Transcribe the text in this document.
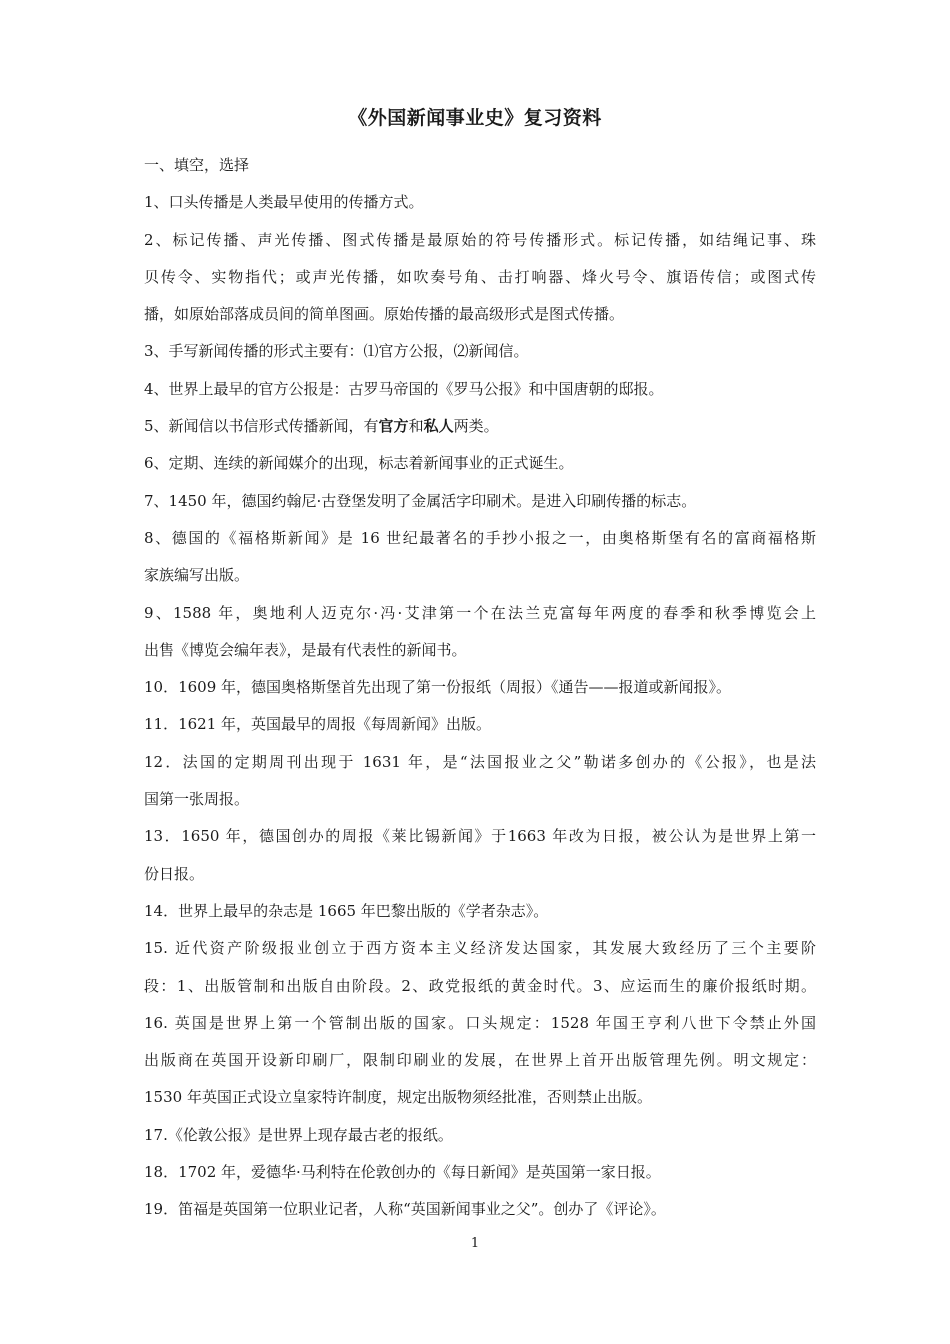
《外国新闻事业史》复习资料
一、填空，选择
1、口头传播是人类最早使用的传播方式。
2、标记传播、声光传播、图式传播是最原始的符号传播形式。标记传播，如结绳记事、珠
贝传令、实物指代；或声光传播，如吹奏号角、击打响器、烽火号令、旗语传信；或图式传
播，如原始部落成员间的简单图画。原始传播的最高级形式是图式传播。
3、手写新闻传播的形式主要有：⑴官方公报，⑵新闻信。
4、世界上最早的官方公报是：古罗马帝国的《罗马公报》和中国唐朝的邸报。
5、新闻信以书信形式传播新闻，有官方和私人两类。
6、定期、连续的新闻媒介的出现，标志着新闻事业的正式诞生。
7、1450 年，德国约翰尼·古登堡发明了金属活字印刷术。是进入印刷传播的标志。
8、德国的《福格斯新闻》是 16 世纪最著名的手抄小报之一，由奥格斯堡有名的富商福格斯
家族编写出版。
9、1588 年，奥地利人迈克尔·冯·艾津第一个在法兰克富每年两度的春季和秋季博览会上
出售《博览会编年表》，是最有代表性的新闻书。
10．1609 年，德国奥格斯堡首先出现了第一份报纸（周报）《通告——报道或新闻报》。
11．1621 年，英国最早的周报《每周新闻》出版。
12．法国的定期周刊出现于 1631 年，是“法国报业之父”勒诺多创办的《公报》，也是法
国第一张周报。
13．1650 年，德国创办的周报《莱比锡新闻》于1663 年改为日报，被公认为是世界上第一
份日报。
14．世界上最早的杂志是 1665 年巴黎出版的《学者杂志》。
15. 近代资产阶级报业创立于西方资本主义经济发达国家，其发展大致经历了三个主要阶
段：1、出版管制和出版自由阶段。2、政党报纸的黄金时代。3、应运而生的廉价报纸时期。
16. 英国是世界上第一个管制出版的国家。口头规定：1528 年国王亨利八世下令禁止外国
出版商在英国开设新印刷厂，限制印刷业的发展，在世界上首开出版管理先例。明文规定：
1530 年英国正式设立皇家特许制度，规定出版物须经批准，否则禁止出版。
17.《伦敦公报》是世界上现存最古老的报纸。
18．1702 年，爱德华·马利特在伦敦创办的《每日新闻》是英国第一家日报。
19．笛福是英国第一位职业记者，人称“英国新闻事业之父”。创办了《评论》。
1
